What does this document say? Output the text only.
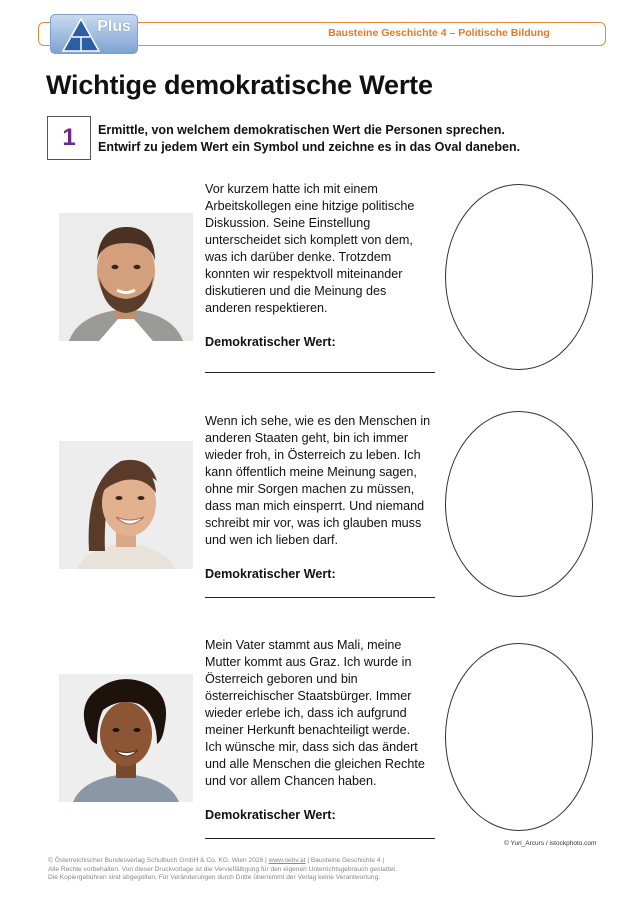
Bausteine Geschichte 4 – Politische Bildung
Plus
Wichtige demokratische Werte
1	Ermittle, von welchem demokratischen Wert die Personen sprechen.
Entwirf zu jedem Wert ein Symbol und zeichne es in das Oval daneben.
Vor kurzem hatte ich mit einem
Arbeitskollegen eine hitzige politische
Diskussion. Seine Einstellung
unterscheidet sich komplett von dem,
was ich darüber denke. Trotzdem
konnten wir respektvoll miteinander
diskutieren und die Meinung des
anderen respektieren.
Demokratischer Wert:
Wenn ich sehe, wie es den Menschen in
anderen Staaten geht, bin ich immer
wieder froh, in Österreich zu leben. Ich
kann öffentlich meine Meinung sagen,
ohne mir Sorgen machen zu müssen,
dass man mich einsperrt. Und niemand
schreibt mir vor, was ich glauben muss
und wen ich lieben darf.
Demokratischer Wert:
Mein Vater stammt aus Mali, meine
Mutter kommt aus Graz. Ich wurde in
Österreich geboren und bin
österreichischer Staatsbürger. Immer
wieder erlebe ich, dass ich aufgrund
meiner Herkunft benachteiligt werde.
Ich wünsche mir, dass sich das ändert
und alle Menschen die gleichen Rechte
und vor allem Chancen haben.
Demokratischer Wert:
© Yuri_Arcurs / istockphoto.com
© Österreichischer Bundesverlag Schulbuch GmbH & Co. KG, Wien 2026 | www.oebv.at | Bausteine Geschichte 4 |
Alle Rechte vorbehalten. Von dieser Druckvorlage ist die Vervielfältigung für den eigenen Unterrichtsgebrauch gestattet.
Die Kopiergebühren sind abgegolten. Für Veränderungen durch Dritte übernimmt der Verlag keine Verantwortung.
